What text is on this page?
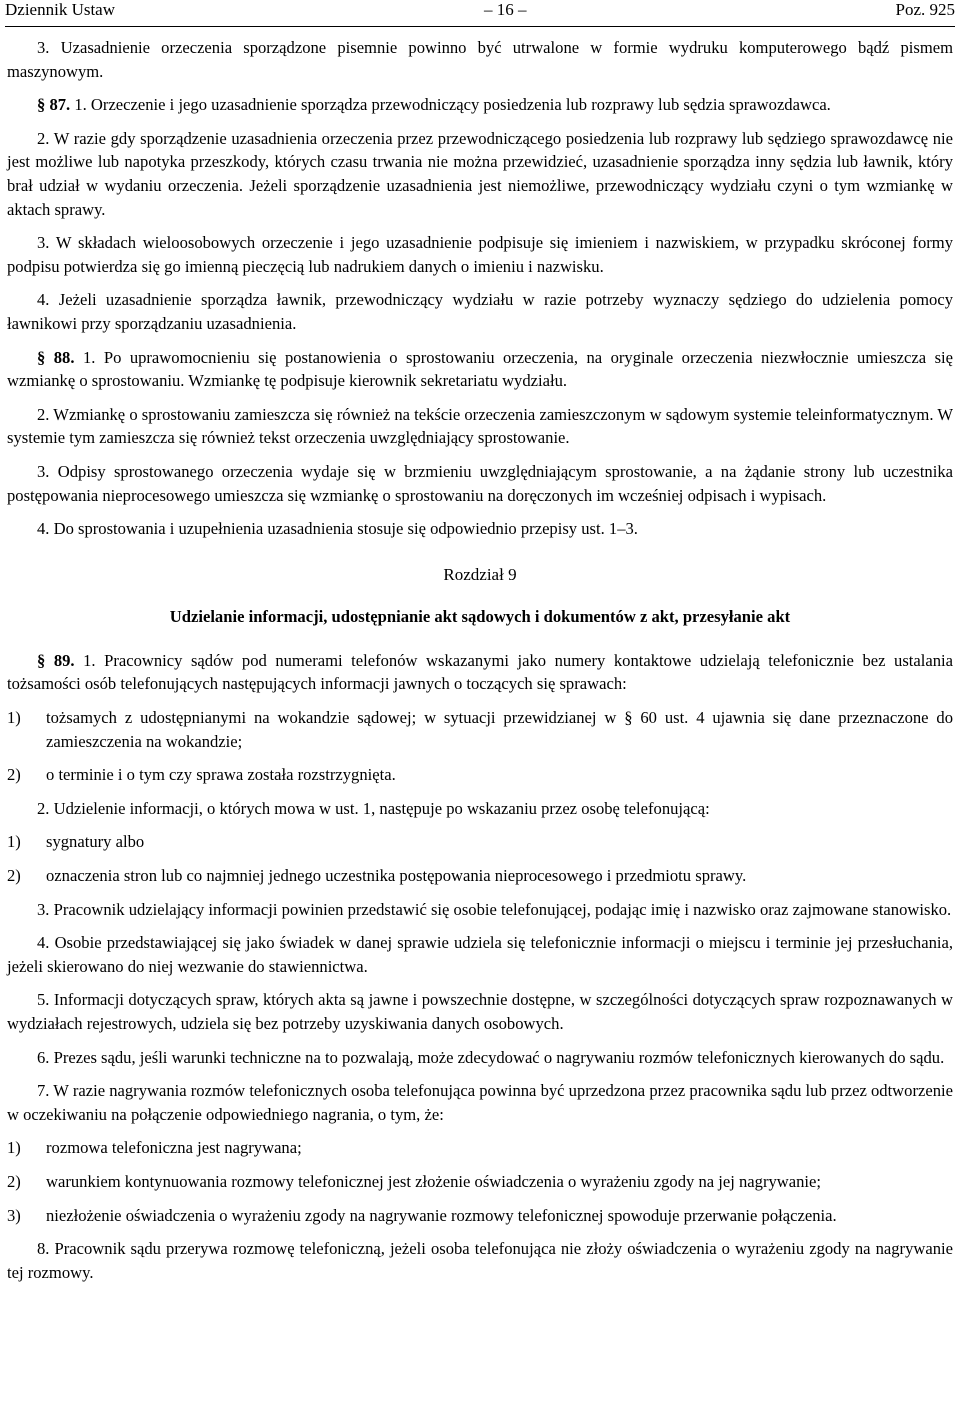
Dziennik Ustaw	– 16 –	Poz. 925

3. Uzasadnienie orzeczenia sporządzone pisemnie powinno być utrwalone w formie wydruku komputerowego bądź pismem maszynowym.

§ 87. 1. Orzeczenie i jego uzasadnienie sporządza przewodniczący posiedzenia lub rozprawy lub sędzia sprawozdawca.

2. W razie gdy sporządzenie uzasadnienia orzeczenia przez przewodniczącego posiedzenia lub rozprawy lub sędziego sprawozdawcę nie jest możliwe lub napotyka przeszkody, których czasu trwania nie można przewidzieć, uzasadnienie sporządza inny sędzia lub ławnik, który brał udział w wydaniu orzeczenia. Jeżeli sporządzenie uzasadnienia jest niemożliwe, przewodniczący wydziału czyni o tym wzmiankę w aktach sprawy.

3. W składach wieloosobowych orzeczenie i jego uzasadnienie podpisuje się imieniem i nazwiskiem, w przypadku skróconej formy podpisu potwierdza się go imienną pieczęcią lub nadrukiem danych o imieniu i nazwisku.

4. Jeżeli uzasadnienie sporządza ławnik, przewodniczący wydziału w razie potrzeby wyznaczy sędziego do udzielenia pomocy ławnikowi przy sporządzaniu uzasadnienia.

§ 88. 1. Po uprawomocnieniu się postanowienia o sprostowaniu orzeczenia, na oryginale orzeczenia niezwłocznie umieszcza się wzmiankę o sprostowaniu. Wzmiankę tę podpisuje kierownik sekretariatu wydziału.

2. Wzmiankę o sprostowaniu zamieszcza się również na tekście orzeczenia zamieszczonym w sądowym systemie teleinformatycznym. W systemie tym zamieszcza się również tekst orzeczenia uwzględniający sprostowanie.

3. Odpisy sprostowanego orzeczenia wydaje się w brzmieniu uwzględniającym sprostowanie, a na żądanie strony lub uczestnika postępowania nieprocesowego umieszcza się wzmiankę o sprostowaniu na doręczonych im wcześniej odpisach i wypisach.

4. Do sprostowania i uzupełnienia uzasadnienia stosuje się odpowiednio przepisy ust. 1–3.

Rozdział 9
Udzielanie informacji, udostępnianie akt sądowych i dokumentów z akt, przesyłanie akt

§ 89. 1. Pracownicy sądów pod numerami telefonów wskazanymi jako numery kontaktowe udzielają telefonicznie bez ustalania tożsamości osób telefonujących następujących informacji jawnych o toczących się sprawach:

1)	tożsamych z udostępnianymi na wokandzie sądowej; w sytuacji przewidzianej w § 60 ust. 4 ujawnia się dane przeznaczone do zamieszczenia na wokandzie;
2)	o terminie i o tym czy sprawa została rozstrzygnięta.

2. Udzielenie informacji, o których mowa w ust. 1, następuje po wskazaniu przez osobę telefonującą:

1)	sygnatury albo
2)	oznaczenia stron lub co najmniej jednego uczestnika postępowania nieprocesowego i przedmiotu sprawy.

3. Pracownik udzielający informacji powinien przedstawić się osobie telefonującej, podając imię i nazwisko oraz zajmowane stanowisko.

4. Osobie przedstawiającej się jako świadek w danej sprawie udziela się telefonicznie informacji o miejscu i terminie jej przesłuchania, jeżeli skierowano do niej wezwanie do stawiennictwa.

5. Informacji dotyczących spraw, których akta są jawne i powszechnie dostępne, w szczególności dotyczących spraw rozpoznawanych w wydziałach rejestrowych, udziela się bez potrzeby uzyskiwania danych osobowych.

6. Prezes sądu, jeśli warunki techniczne na to pozwalają, może zdecydować o nagrywaniu rozmów telefonicznych kierowanych do sądu.

7. W razie nagrywania rozmów telefonicznych osoba telefonująca powinna być uprzedzona przez pracownika sądu lub przez odtworzenie w oczekiwaniu na połączenie odpowiedniego nagrania, o tym, że:

1)	rozmowa telefoniczna jest nagrywana;
2)	warunkiem kontynuowania rozmowy telefonicznej jest złożenie oświadczenia o wyrażeniu zgody na jej nagrywanie;
3)	niezłożenie oświadczenia o wyrażeniu zgody na nagrywanie rozmowy telefonicznej spowoduje przerwanie połączenia.

8. Pracownik sądu przerywa rozmowę telefoniczną, jeżeli osoba telefonująca nie złoży oświadczenia o wyrażeniu zgody na nagrywanie tej rozmowy.
